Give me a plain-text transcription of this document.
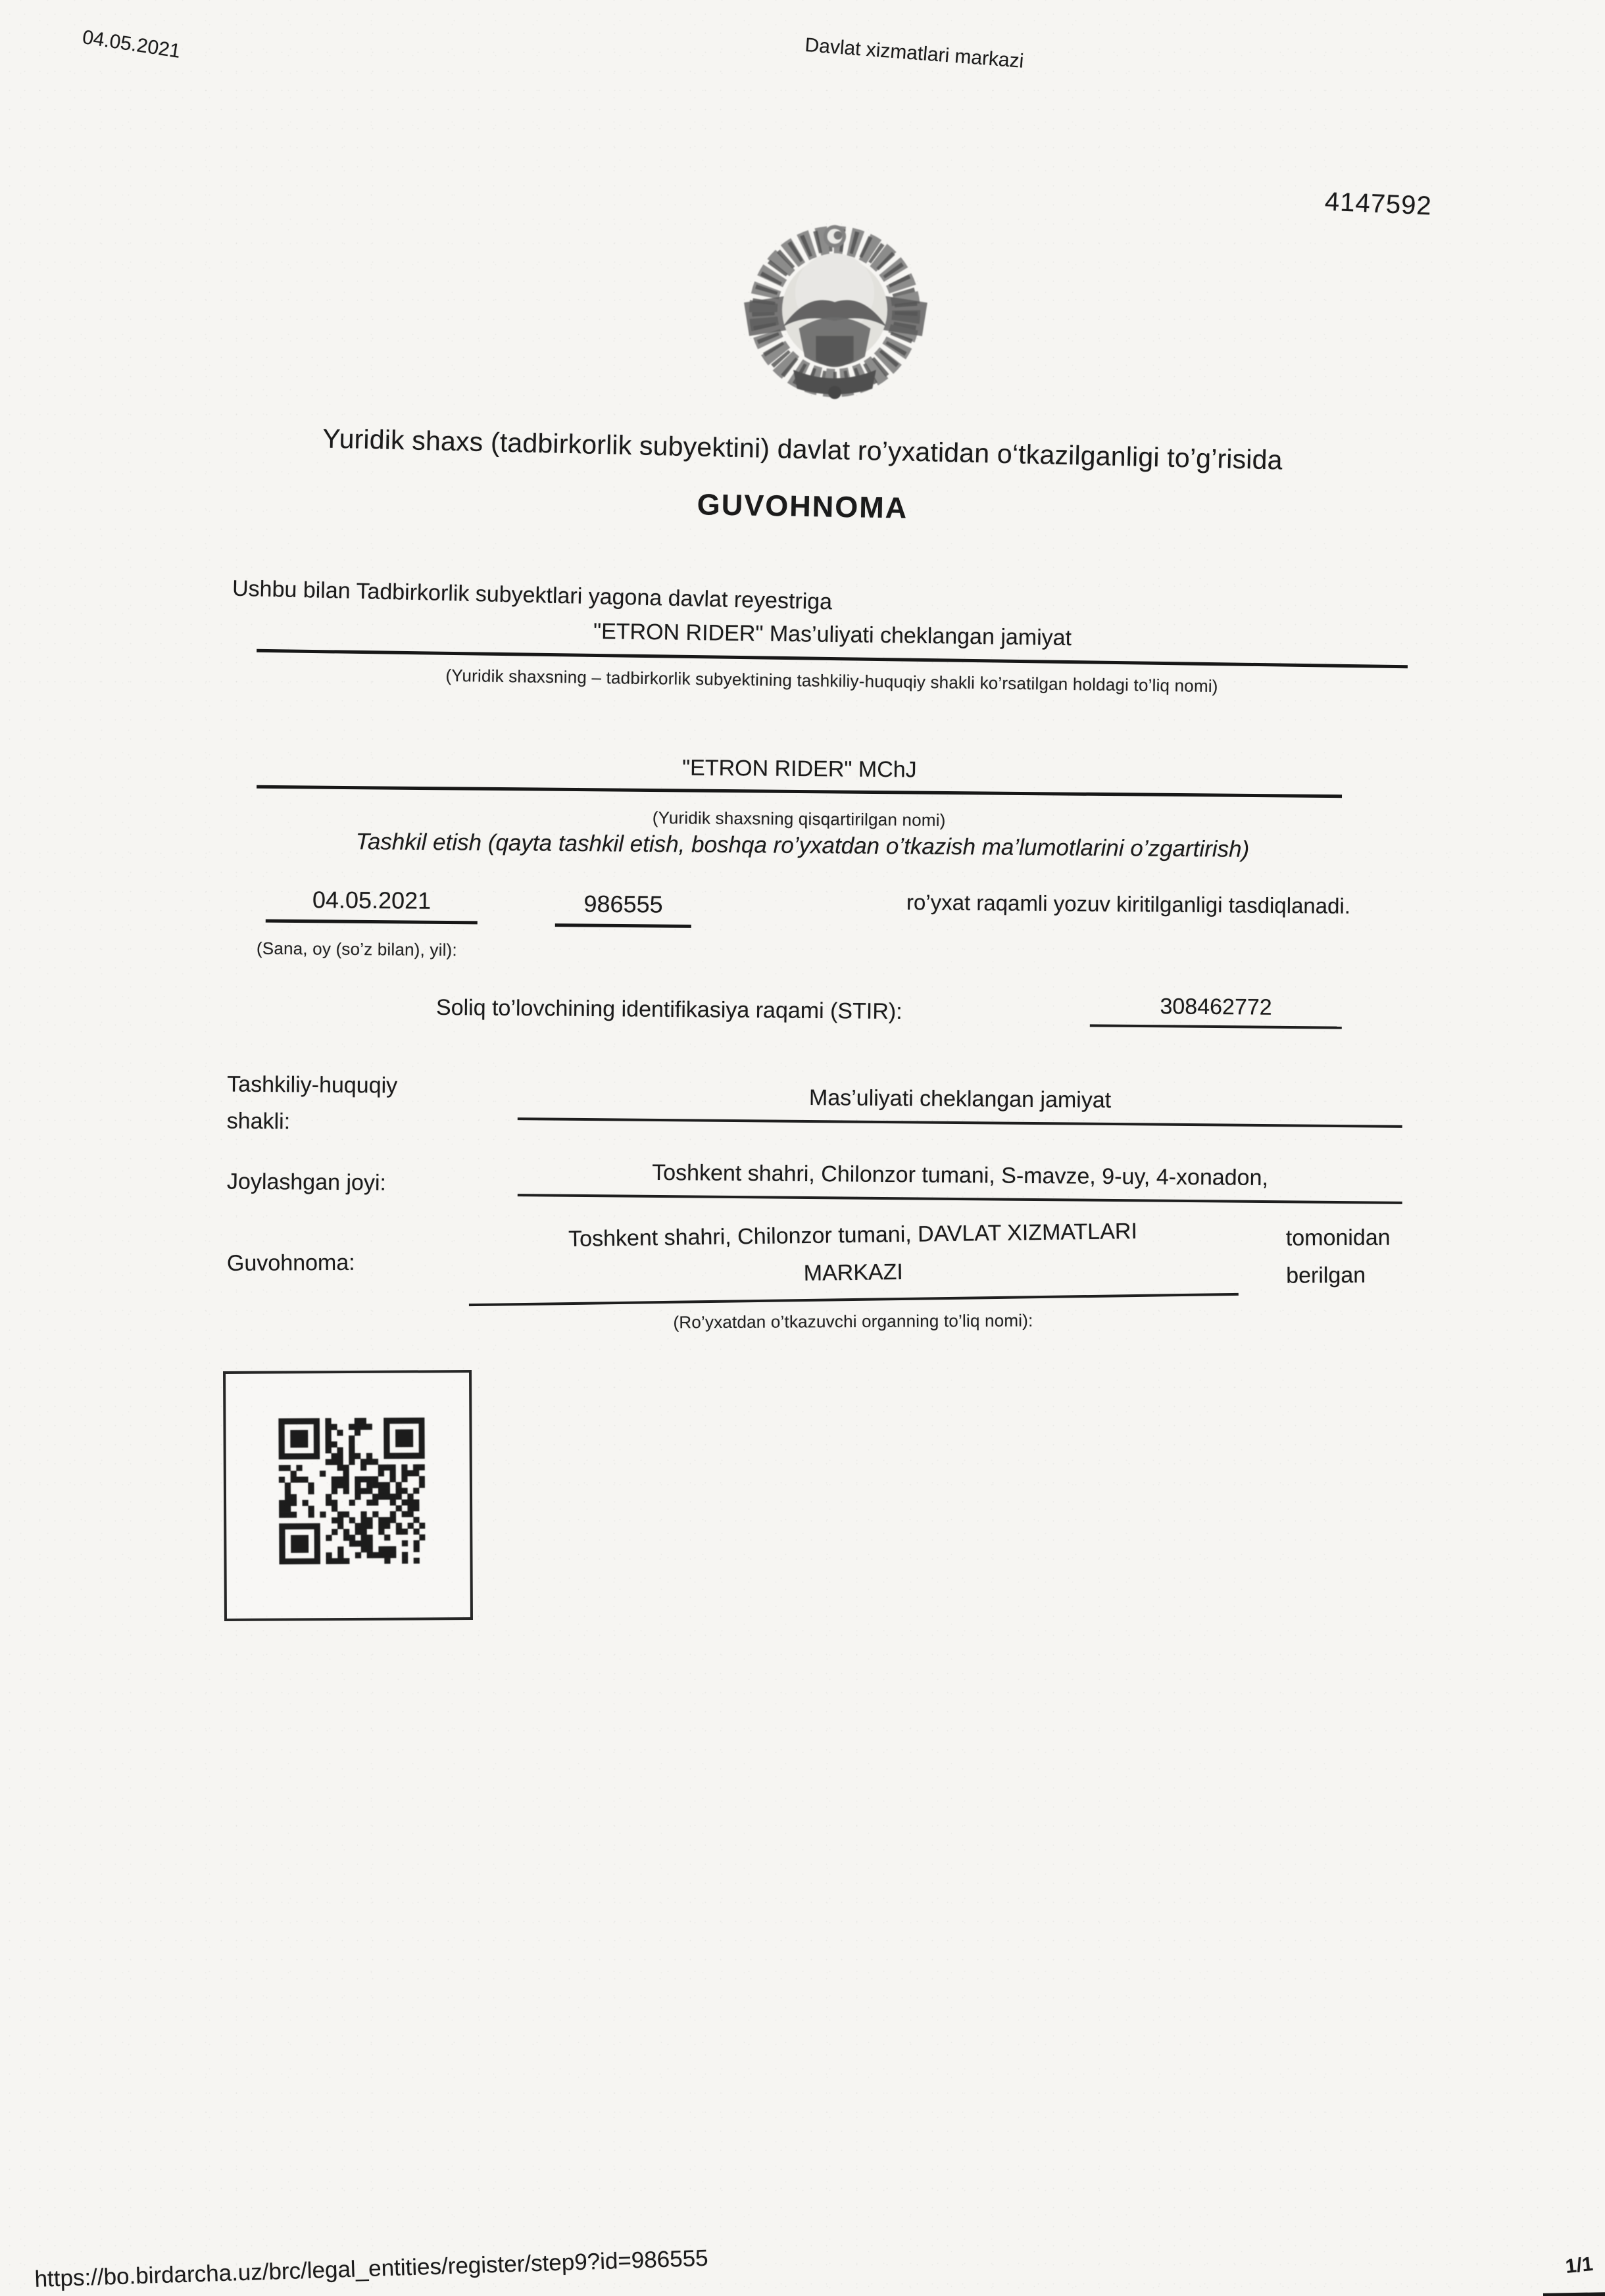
04.05.2021	Davlat xizmatlari markazi
4147592
Yuridik shaxs (tadbirkorlik subyektini) davlat ro’yxatidan o‘tkazilganligi to’g’risida
GUVOHNOMA
Ushbu bilan Tadbirkorlik subyektlari yagona davlat reyestriga
"ETRON RIDER" Mas’uliyati cheklangan jamiyat
(Yuridik shaxsning – tadbirkorlik subyektining tashkiliy-huquqiy shakli ko’rsatilgan holdagi to’liq nomi)
"ETRON RIDER" MChJ
(Yuridik shaxsning qisqartirilgan nomi)
Tashkil etish (qayta tashkil etish, boshqa ro’yxatdan o’tkazish ma’lumotlarini o’zgartirish)
04.05.2021	986555	ro’yxat raqamli yozuv kiritilganligi tasdiqlanadi.
(Sana, oy (so’z bilan), yil):
Soliq to’lovchining identifikasiya raqami (STIR):	308462772
Tashkiliy-huquqiy shakli:
Mas’uliyati cheklangan jamiyat
Joylashgan joyi:	Toshkent shahri, Chilonzor tumani, S-mavze, 9-uy, 4-xonadon,
Guvohnoma:
Toshkent shahri, Chilonzor tumani, DAVLAT XIZMATLARI MARKAZI
tomonidan berilgan
(Ro’yxatdan o’tkazuvchi organning to’liq nomi):
https://bo.birdarcha.uz/brc/legal_entities/register/step9?id=986555	1/1
